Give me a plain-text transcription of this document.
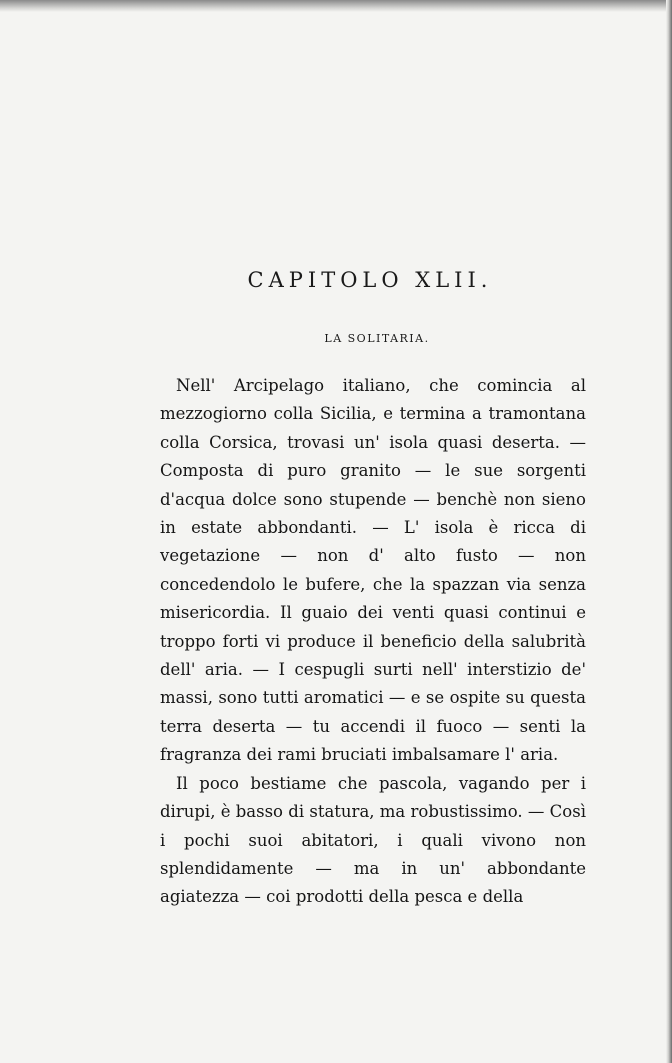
CAPITOLO XLII.
LA SOLITARIA.

Nell' Arcipelago italiano, che comincia al mezzogiorno colla Sicilia, e termina a tramontana colla Corsica, trovasi un' isola quasi deserta. — Composta di puro granito — le sue sorgenti d'acqua dolce sono stupende — benchè non sieno in estate abbondanti. — L' isola è ricca di vegetazione — non d' alto fusto — non concedendolo le bufere, che la spazzan via senza misericordia. Il guaio dei venti quasi continui e troppo forti vi produce il beneficio della salubrità dell' aria. — I cespugli surti nell' interstizio de' massi, sono tutti aromatici — e se ospite su questa terra deserta — tu accendi il fuoco — senti la fragranza dei rami bruciati imbalsamare l' aria.

Il poco bestiame che pascola, vagando per i dirupi, è basso di statura, ma robustissimo. — Così i pochi suoi abitatori, i quali vivono non splendidamente — ma in un' abbondante agiatezza — coi prodotti della pesca e della
